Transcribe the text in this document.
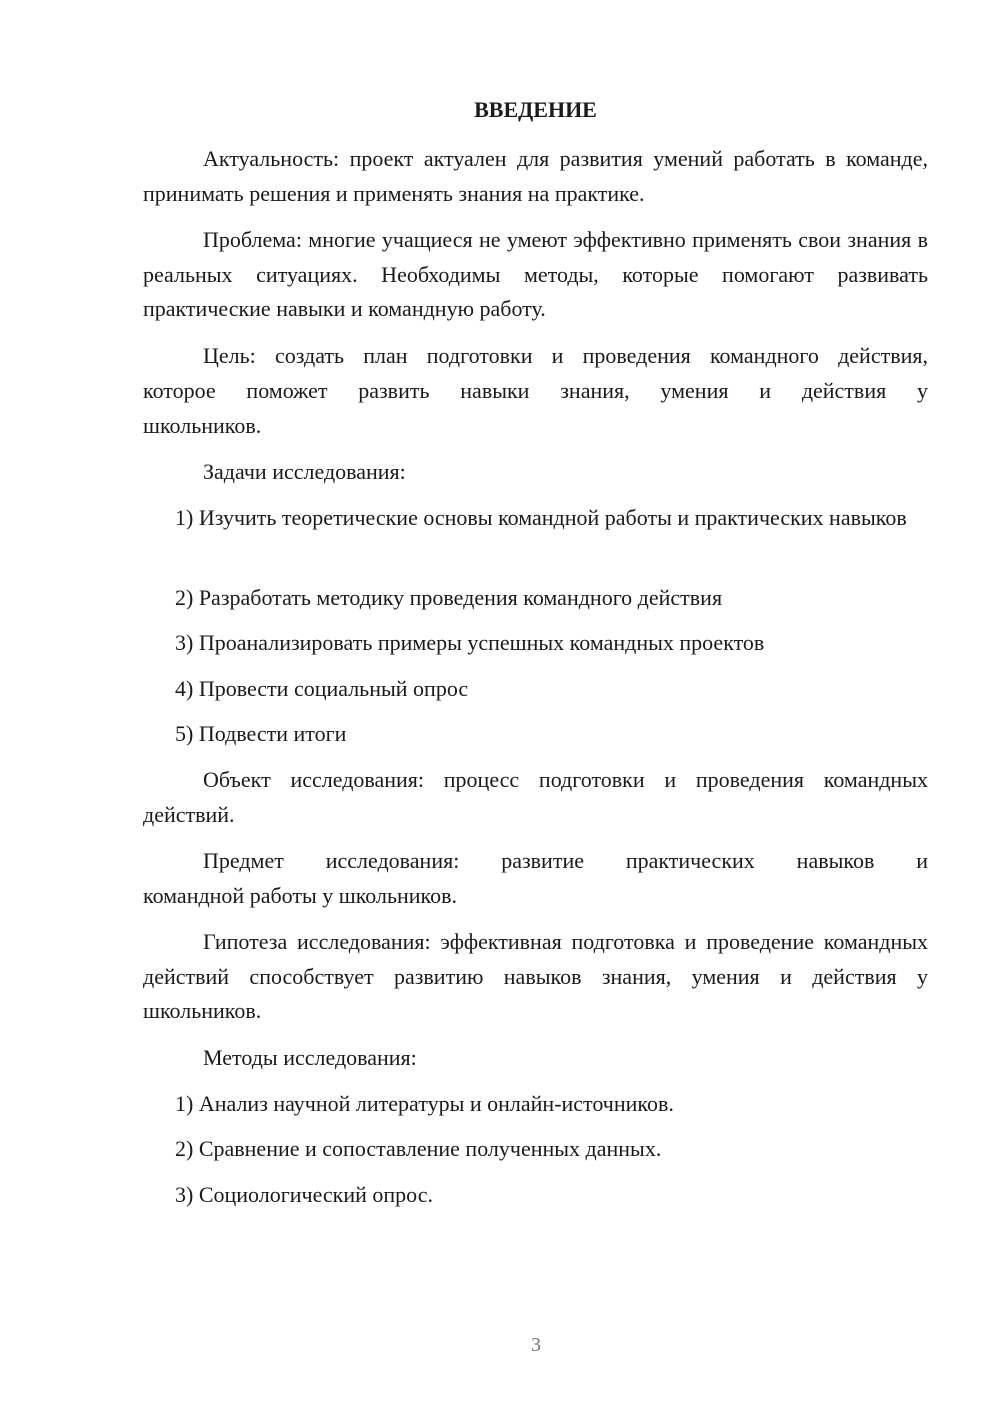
ВВЕДЕНИЕ
Актуальность: проект актуален для развития умений работать в команде, принимать решения и применять знания на практике.
Проблема: многие учащиеся не умеют эффективно применять свои знания в реальных ситуациях. Необходимы методы, которые помогают развивать практические навыки и командную работу.
Цель: создать план подготовки и проведения командного действия,
которое поможет развить навыки знания, умения и действия у
школьников.
Задачи исследования:
1) Изучить теоретические основы командной работы и практических навыков
2) Разработать методику проведения командного действия
3) Проанализировать примеры успешных командных проектов
4) Провести социальный опрос
5) Подвести итоги
Объект исследования: процесс подготовки и проведения командных действий.
Предмет исследования: развитие практических навыков и
командной работы у школьников.
Гипотеза исследования: эффективная подготовка и проведение командных действий способствует развитию навыков знания, умения и действия у школьников.
Методы исследования:
1) Анализ научной литературы и онлайн-источников.
2) Сравнение и сопоставление полученных данных.
3) Социологический опрос.
3
